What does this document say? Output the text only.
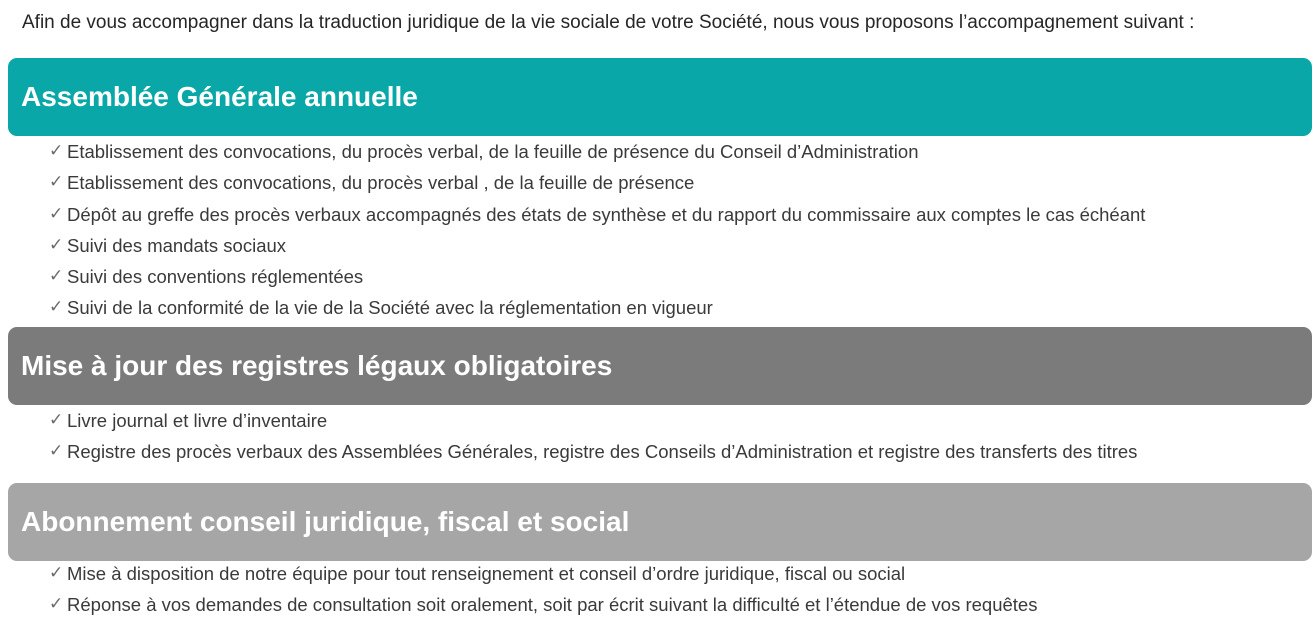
Afin de vous accompagner dans la traduction juridique de la vie sociale de votre Société, nous vous proposons l’accompagnement suivant :
Assemblée Générale annuelle
✓ Etablissement des convocations, du procès verbal, de la feuille de présence du Conseil d’Administration
✓ Etablissement des convocations, du procès verbal , de la feuille de présence
✓ Dépôt au greffe des procès verbaux accompagnés des états de synthèse et du rapport du commissaire aux comptes le cas échéant
✓ Suivi des mandats sociaux
✓ Suivi des conventions réglementées
✓ Suivi de la conformité de la vie de la Société avec la réglementation en vigueur
Mise à jour des registres légaux obligatoires
✓ Livre journal et livre d’inventaire
✓ Registre des procès verbaux des Assemblées Générales, registre des Conseils d’Administration et registre des transferts des titres
Abonnement conseil juridique, fiscal et social
✓ Mise à disposition de notre équipe pour tout renseignement et conseil d’ordre juridique, fiscal ou social
✓ Réponse à vos demandes de consultation soit oralement, soit par écrit suivant la difficulté et l’étendue de vos requêtes
